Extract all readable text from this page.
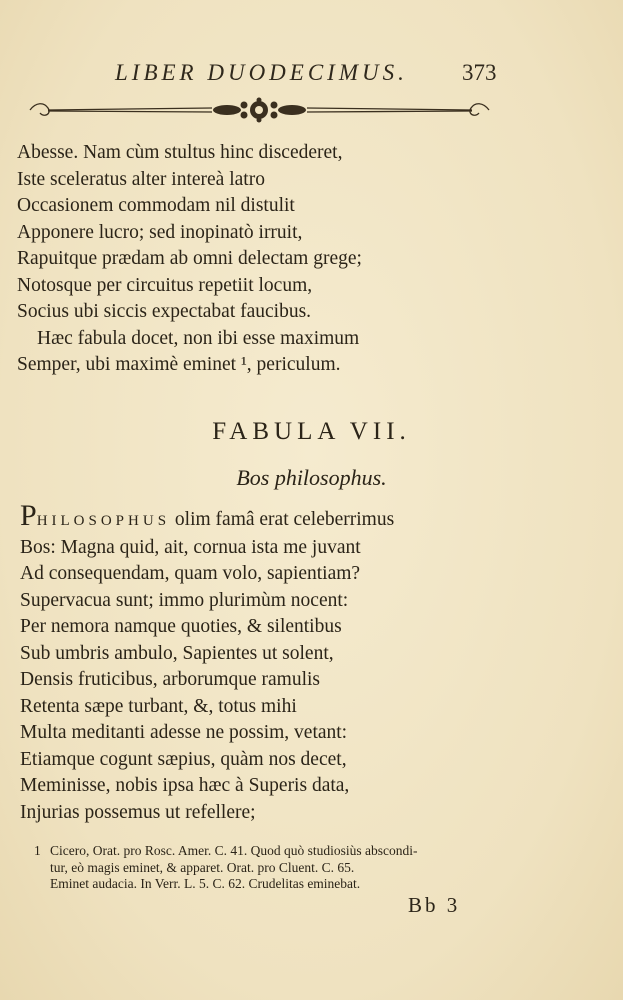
LIBER DUODECIMUS. 373
Abesse. Nam cùm stultus hinc discederet,
Iste sceleratus alter intereà latro
Occasionem commodam nil distulit
Apponere lucro; sed inopinatò irruit,
Rapuitque prædam ab omni delectam grege;
Notosque per circuitus repetiit locum,
Socius ubi siccis expectabat faucibus.
Hæc fabula docet, non ibi esse maximum
Semper, ubi maximè eminet ¹, periculum.
FABULA VII.
Bos philosophus.
PHILOSOPHUS olim famâ erat celeberrimus
Bos: Magna quid, ait, cornua ista me juvant
Ad consequendam, quam volo, sapientiam?
Supervacua sunt; immo plurimùm nocent:
Per nemora namque quoties, & silentibus
Sub umbris ambulo, Sapientes ut solent,
Densis fruticibus, arborumque ramulis
Retenta sæpe turbant, &, totus mihi
Multa meditanti adesse ne possim, vetant:
Etiamque cogunt sæpius, quàm nos decet,
Meminisse, nobis ipsa hæc à Superis data,
Injurias possemus ut refellere;
1 Cicero, Orat. pro Rosc. Amer. C. 41. Quod quò studiosiùs abscondi-
tur, eò magis eminet, & apparet. Orat. pro Cluent. C. 65.
Eminet audacia. In Verr. L. 5. C. 62. Crudelitas eminebat.
Bb 3
